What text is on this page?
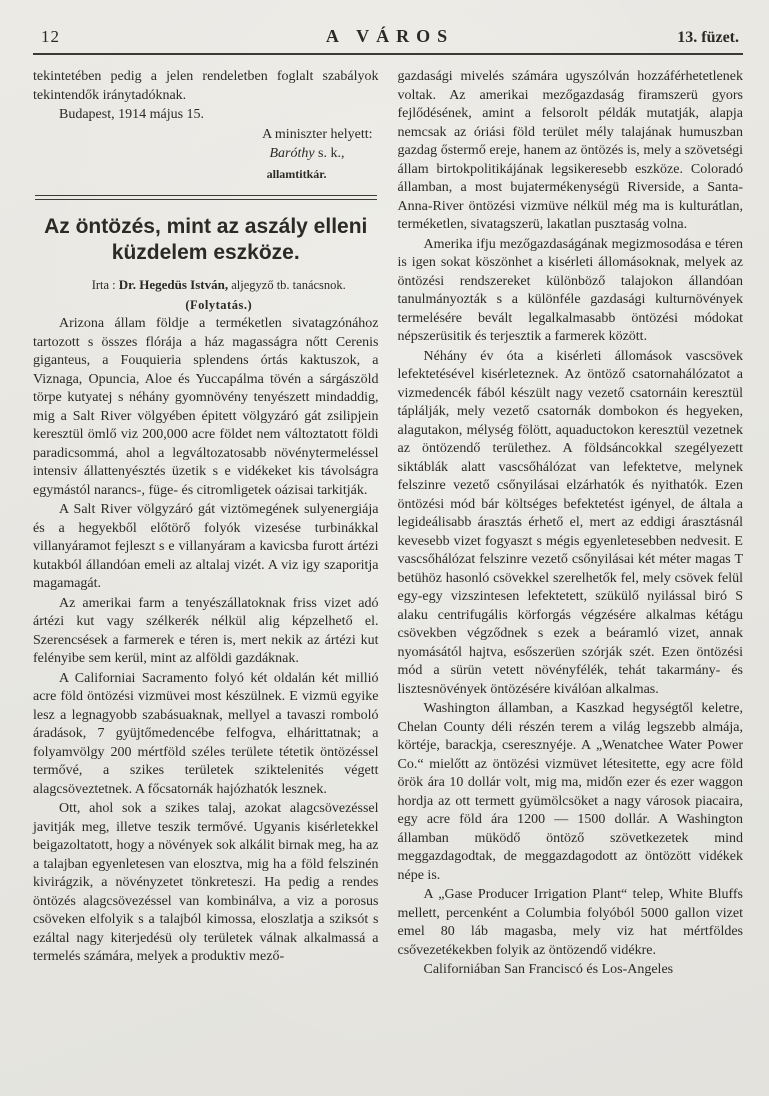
12	A VÁROS	13. füzet.

tekintetében pedig a jelen rendeletben foglalt szabályok tekintendők iránytadóknak.

Budapest, 1914 május 15.

A miniszter helyett:

Baróthy s. k.,

allamtitkár.

Az öntözés, mint az aszály elleni
küzdelem eszköze.

Irta : Dr. Hegedüs István, aljegyző tb. tanácsnok.

(Folytatás.)

Arizona állam földje a terméketlen sivatagzónához tartozott s összes flórája a ház magasságra nőtt Cerenis giganteus, a Fouquieria splendens órtás kaktuszok, a Viznaga, Opuncia, Aloe és Yuccapálma tövén a sárgászöld törpe kutyatej s néhány gyomnövény tenyészett mindaddig, mig a Salt River völgyében épitett völgyzáró gát zsilipjein keresztül ömlő viz 200,000 acre földet nem változtatott földi paradicsommá, ahol a legváltozatosabb növénytermeléssel intensiv állattenyésztés üzetik s e vidékeket kis távolságra egymástól narancs-, füge- és citromligetek oázisai tarkitják.

A Salt River völgyzáró gát viztömegének sulyenergiája és a hegyekből előtörő folyók vizesése turbinákkal villanyáramot fejleszt s e villanyáram a kavicsba furott ártézi kutakból állandóan emeli az altalaj vizét. A viz igy szaporitja magamagát.

Az amerikai farm a tenyészállatoknak friss vizet adó ártézi kut vagy szélkerék nélkül alig képzelhető el. Szerencsések a farmerek e téren is, mert nekik az ártézi kut felényibe sem kerül, mint az alföldi gazdáknak.

A Californiai Sacramento folyó két oldalán két millió acre föld öntözési vizmüvei most készülnek. E vizmü egyike lesz a legnagyobb szabásuaknak, mellyel a tavaszi romboló áradások, 7 gyüjtőmedencébe felfogva, elhárittatnak; a folyamvölgy 200 mértföld széles területe tétetik öntözéssel termővé, a szikes területek sziktelenités végett alagcsöveztetnek. A főcsatornák hajózhatók lesznek.

Ott, ahol sok a szikes talaj, azokat alagcsövezéssel javitják meg, illetve teszik termővé. Ugyanis kisérletekkel beigazoltatott, hogy a növények sok alkálit birnak meg, ha az a talajban egyenletesen van elosztva, mig ha a föld felszinén kivirágzik, a növényzetet tönkreteszi. Ha pedig a rendes öntözés alagcsövezéssel van kombinálva, a viz a porosus csöveken elfolyik s a talajból kimossa, eloszlatja a sziksót s ezáltal nagy kiterjedésü oly területek válnak alkalmassá a termelés számára, melyek a produktiv mező-

gazdasági mivelés számára ugyszólván hozzáférhetetlenek voltak. Az amerikai mezőgazdaság firamszerü gyors fejlődésének, amint a felsorolt példák mutatják, alapja nemcsak az óriási föld terület mély talajának humuszban gazdag őstermő ereje, hanem az öntözés is, mely a szövetségi állam birtokpolitikájának legsikeresebb eszköze. Coloradó államban, a most bujatermékenységü Riverside, a Santa-Anna-River öntözési vizmüve nélkül még ma is kulturátlan, terméketlen, sivatagszerü, lakatlan pusztaság volna.

Amerika ifju mezőgazdaságának megizmosodása e téren is igen sokat köszönhet a kisérleti állomásoknak, melyek az öntözési rendszereket különböző talajokon állandóan tanulmányozták s a különféle gazdasági kulturnövények termelésére bevált legalkalmasabb öntözési módokat népszerüsitik és terjesztik a farmerek között.

Néhány év óta a kisérleti állomások vascsövek lefektetésével kisérleteznek. Az öntöző csatornahálózatot a vizmedencék fából készült nagy vezető csatornáin keresztül táplálják, mely vezető csatornák dombokon és hegyeken, alagutakon, mélység fölött, aquaductokon keresztül vezetnek az öntözendő területhez. A földsáncokkal szegélyezett siktáblák alatt vascsőhálózat van lefektetve, melynek felszinre vezető csőnyilásai elzárhatók és nyithatók. Ezen öntözési mód bár költséges befektetést igényel, de általa a legideálisabb árasztás érhető el, mert az eddigi árasztásnál kevesebb vizet fogyaszt s mégis egyenletesebben nedvesit. E vascsőhálózat felszinre vezető csőnyilásai két méter magas T betühöz hasonló csövekkel szerelhetők fel, mely csövek felül egy-egy vizszintesen lefektetett, szükülő nyilással biró S alaku centrifugális körforgás végzésére alkalmas kétágu csövekben végződnek s ezek a beáramló vizet, annak nyomásától hajtva, esőszerüen szórják szét. Ezen öntözési mód a sürün vetett növényfélék, tehát takarmány- és lisztesnövények öntözésére kiválóan alkalmas.

Washington államban, a Kaszkad hegységtől keletre, Chelan County déli részén terem a világ legszebb almája, körtéje, barackja, cseresznyéje. A „Wenatchee Water Power Co.“ mielőtt az öntözési vizmüvet létesitette, egy acre föld örök ára 10 dollár volt, mig ma, midőn ezer és ezer waggon hordja az ott termett gyümölcsöket a nagy városok piacaira, egy acre föld ára 1200 — 1500 dollár. A Washington államban müködő öntöző szövetkezetek mind meggazdagodtak, de meggazdagodott az öntözött vidékek népe is.

A „Gase Producer Irrigation Plant“ telep, White Bluffs mellett, percenként a Columbia folyóból 5000 gallon vizet emel 80 láb magasba, mely viz hat mértföldes csővezetékekben folyik az öntözendő vidékre.

Californiában San Franciscó és Los-Angeles
